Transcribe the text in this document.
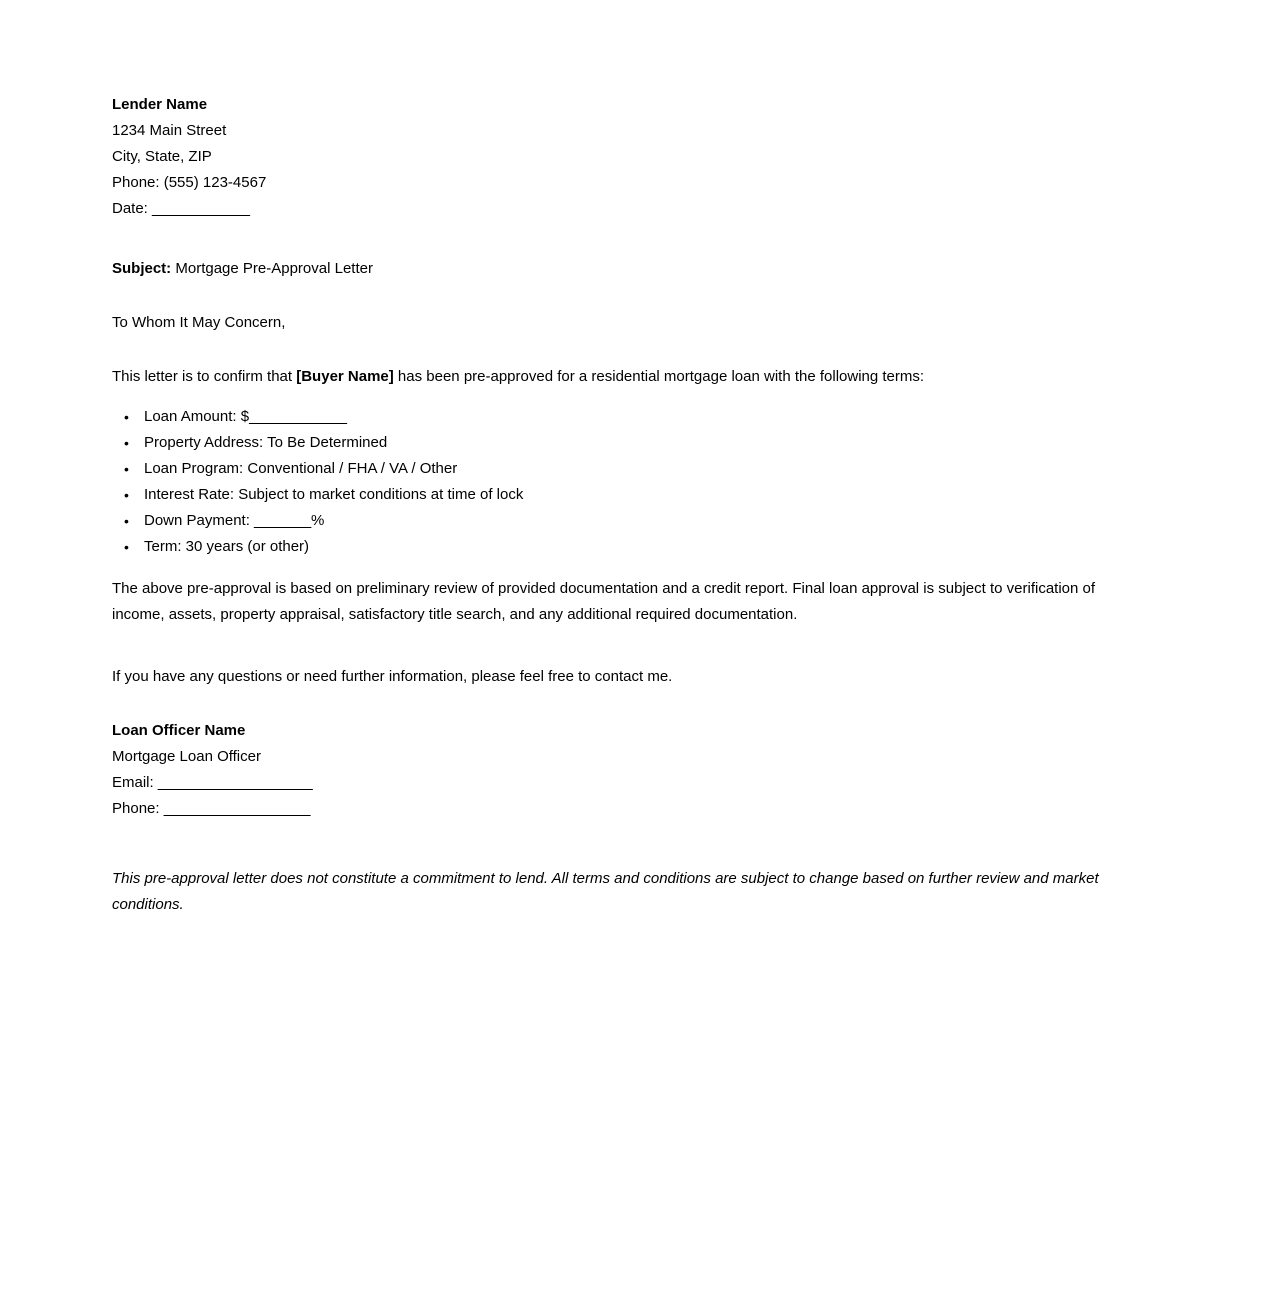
Lender Name
1234 Main Street
City, State, ZIP
Phone: (555) 123-4567
Date: ____________
Subject: Mortgage Pre-Approval Letter
To Whom It May Concern,

This letter is to confirm that [Buyer Name] has been pre-approved for a residential mortgage loan with the following terms:

• Loan Amount: $____________
• Property Address: To Be Determined
• Loan Program: Conventional / FHA / VA / Other
• Interest Rate: Subject to market conditions at time of lock
• Down Payment: _______%
• Term: 30 years (or other)

The above pre-approval is based on preliminary review of provided documentation and a credit report. Final loan approval is subject to verification of income, assets, property appraisal, satisfactory title search, and any additional required documentation.

If you have any questions or need further information, please feel free to contact me.

Loan Officer Name
Mortgage Loan Officer
Email: ___________________
Phone: __________________

This pre-approval letter does not constitute a commitment to lend. All terms and conditions are subject to change based on further review and market conditions.
